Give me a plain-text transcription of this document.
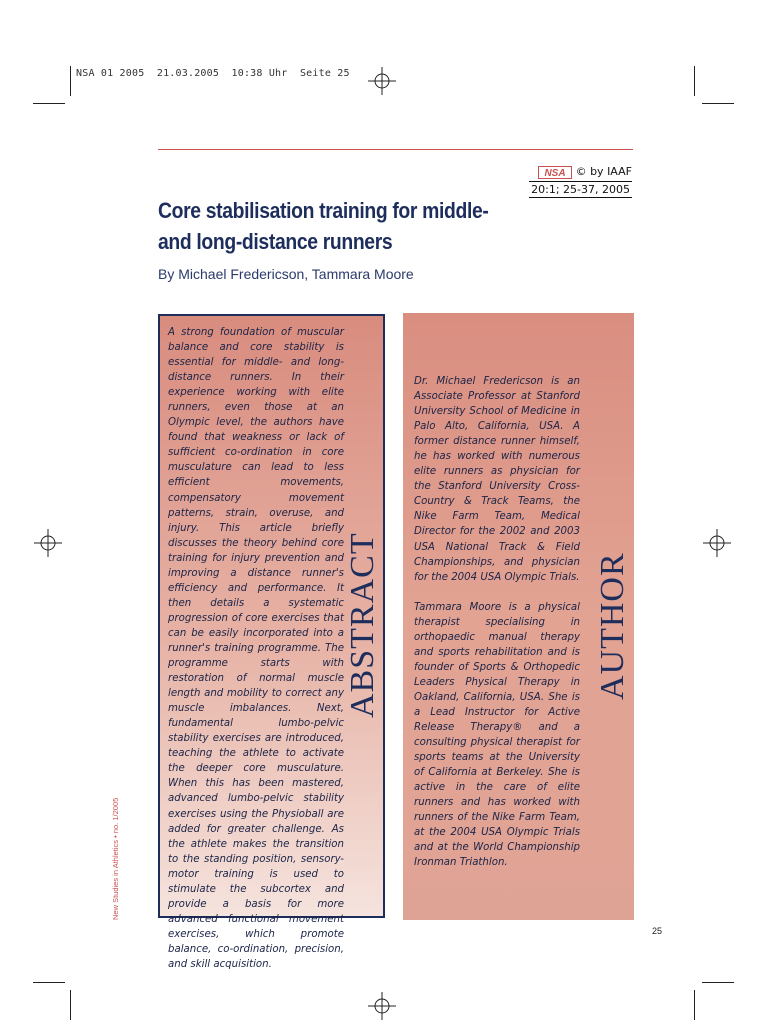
NSA 01 2005  21.03.2005  10:38 Uhr  Seite 25
NSA © by IAAF
20:1; 25-37, 2005
Core stabilisation training for middle- and long-distance runners
By Michael Fredericson, Tammara Moore
A strong foundation of muscular balance and core stability is essential for middle- and long-distance runners. In their experience working with elite runners, even those at an Olympic level, the authors have found that weakness or lack of sufficient co-ordination in core musculature can lead to less efficient movements, compensatory movement patterns, strain, overuse, and injury. This article briefly discusses the theory behind core training for injury prevention and improving a distance runner's efficiency and performance. It then details a systematic progression of core exercises that can be easily incorporated into a runner's training programme. The programme starts with restoration of normal muscle length and mobility to correct any muscle imbalances. Next, fundamental lumbo-pelvic stability exercises are introduced, teaching the athlete to activate the deeper core musculature. When this has been mastered, advanced lumbo-pelvic stability exercises using the Physioball are added for greater challenge. As the athlete makes the transition to the standing position, sensory-motor training is used to stimulate the subcortex and provide a basis for more advanced functional movement exercises, which promote balance, co-ordination, precision, and skill acquisition.
ABSTRACT

Dr. Michael Fredericson is an Associate Professor at Stanford University School of Medicine in Palo Alto, California, USA. A former distance runner himself, he has worked with numerous elite runners as physician for the Stanford University Cross-Country & Track Teams, the Nike Farm Team, Medical Director for the 2002 and 2003 USA National Track & Field Championships, and physician for the 2004 USA Olympic Trials.

Tammara Moore is a physical therapist specialising in orthopaedic manual therapy and sports rehabilitation and is founder of Sports & Orthopedic Leaders Physical Therapy in Oakland, California, USA. She is a Lead Instructor for Active Release Therapy® and a consulting physical therapist for sports teams at the University of California at Berkeley. She is active in the care of elite runners and has worked with runners of the Nike Farm Team, at the 2004 USA Olympic Trials and at the World Championship Ironman Triathlon.

AUTHOR
New Studies in Athletics • no. 1/2005
25
